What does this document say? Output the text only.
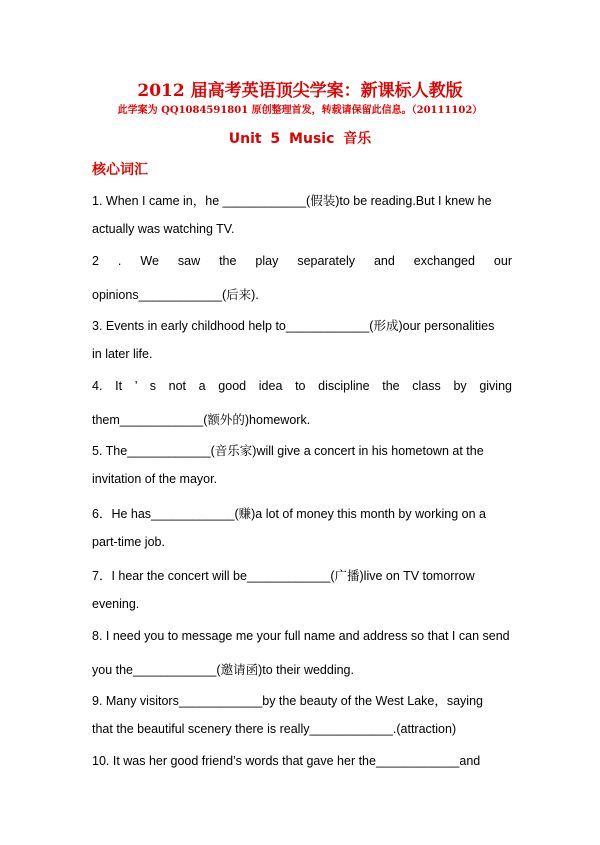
2012 届高考英语顶尖学案：新课标人教版
此学案为 QQ1084591801 原创整理首发，转载请保留此信息。（20111102）
Unit 5 Music 音乐
核心词汇
1. When I came in，he ____________(假装)to be reading.But I knew he
actually was watching TV.
2 . We saw the play separately and exchanged our
opinions____________(后来).
3. Events in early childhood help to____________(形成)our personalities
in later life.
4. It ’ s not a good idea to discipline the class by giving
them____________(额外的)homework.
5. The____________(音乐家)will give a concert in his hometown at the
invitation of the mayor.
6．He has____________(赚)a lot of money this month by working on a
part-time job.
7．I hear the concert will be____________(广播)live on TV tomorrow
evening.
8. I need you to message me your full name and address so that I can send
you the____________(邀请函)to their wedding.
9. Many visitors____________by the beauty of the West Lake，saying
that the beautiful scenery there is really____________.(attraction)
10. It was her good friend’s words that gave her the____________and
